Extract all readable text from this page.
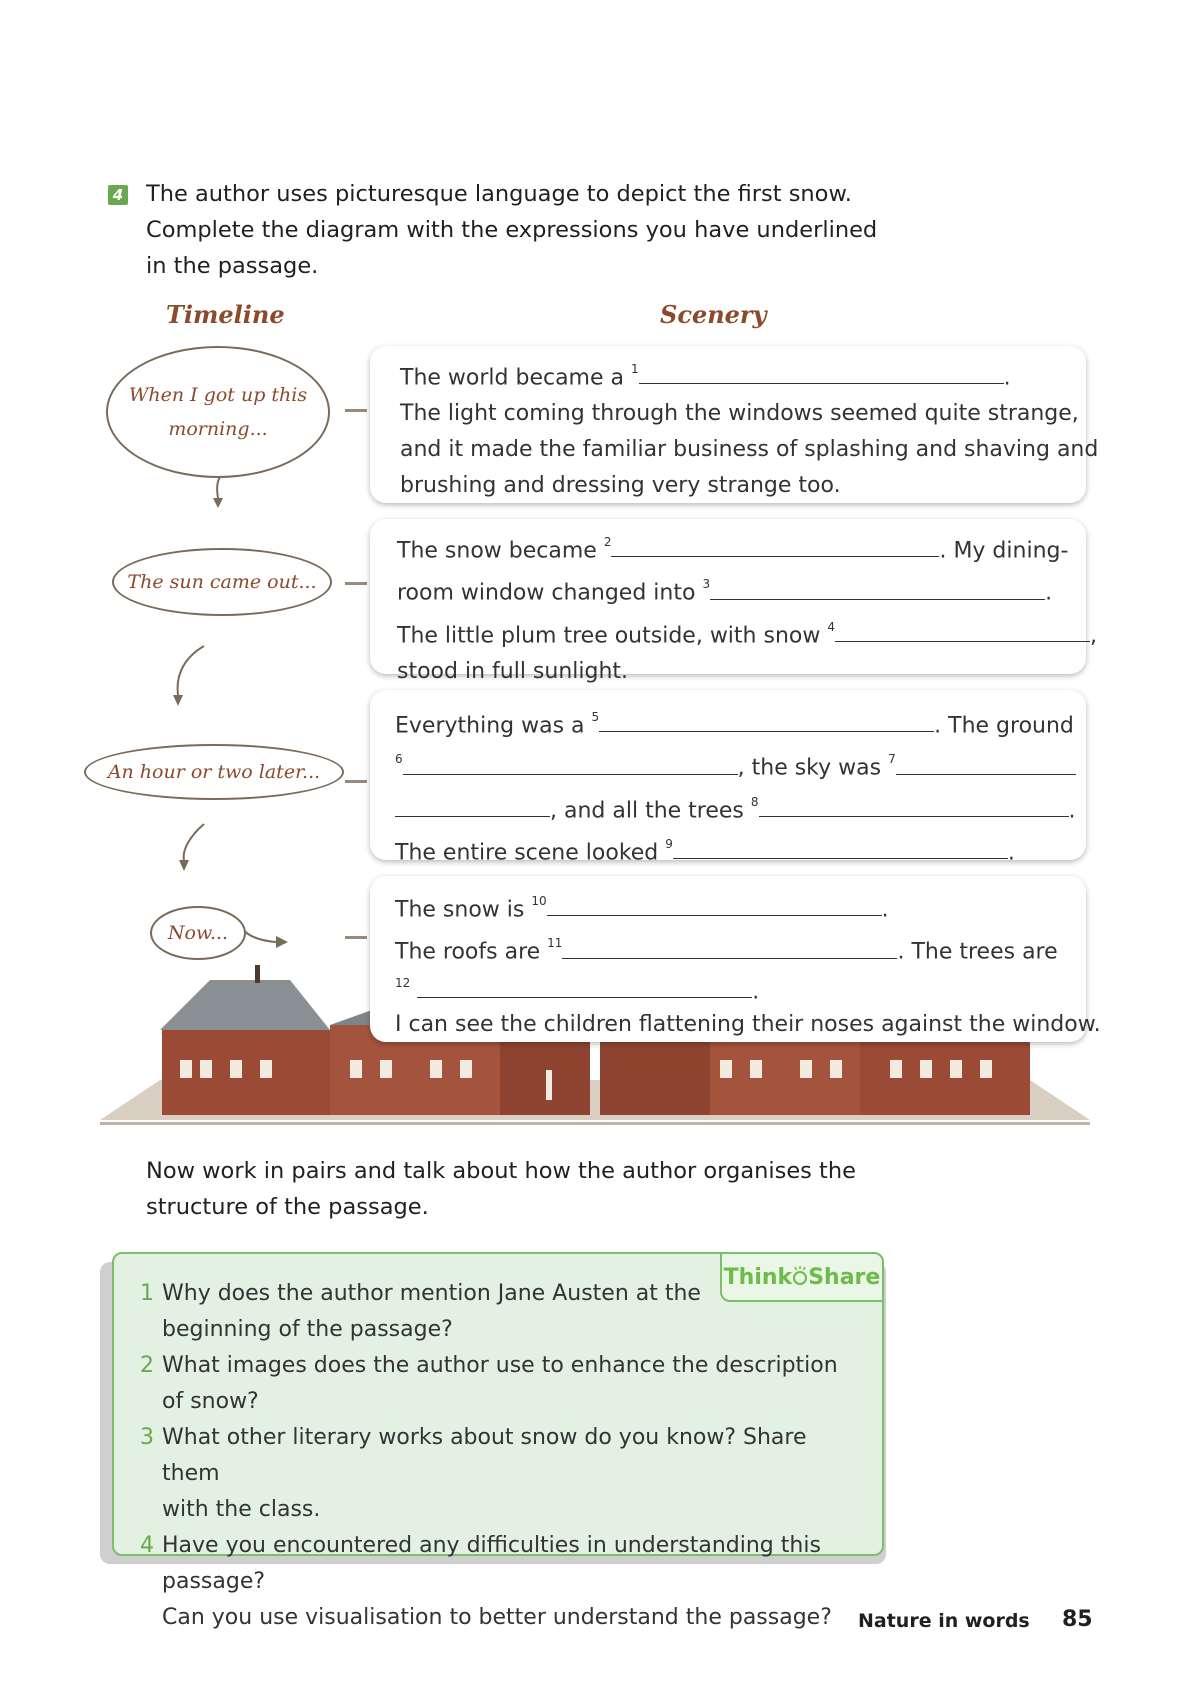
4 The author uses picturesque language to depict the first snow.
Complete the diagram with the expressions you have underlined
in the passage.
Timeline	Scenery
When I got up this
morning...
The sun came out...
An hour or two later...
Now...
The world became a $^1$	.
The light coming through the windows seemed quite strange,
and it made the familiar business of splashing and shaving and
brushing and dressing very strange too.
The snow became $^2$	. My dining-
room window changed into $^3$	.
The little plum tree outside, with snow $^4$	,
stood in full sunlight.
Everything was a $^5$	. The ground
$^6$	, the sky was $^7$
, and all the trees $^8$	.
The entire scene looked $^9$	.
The snow is $^{10}$	.
The roofs are $^{11}$	. The trees are
$^{12}$	.
I can see the children flattening their noses against the window.
Now work in pairs and talk about how the author organises the
structure of the passage.
Think Share
1 Why does the author mention Jane Austen at the
beginning of the passage?
2 What images does the author use to enhance the description of snow?
3 What other literary works about snow do you know? Share them
with the class.
4 Have you encountered any difficulties in understanding this passage?
Can you use visualisation to better understand the passage?	Nature in words 85
